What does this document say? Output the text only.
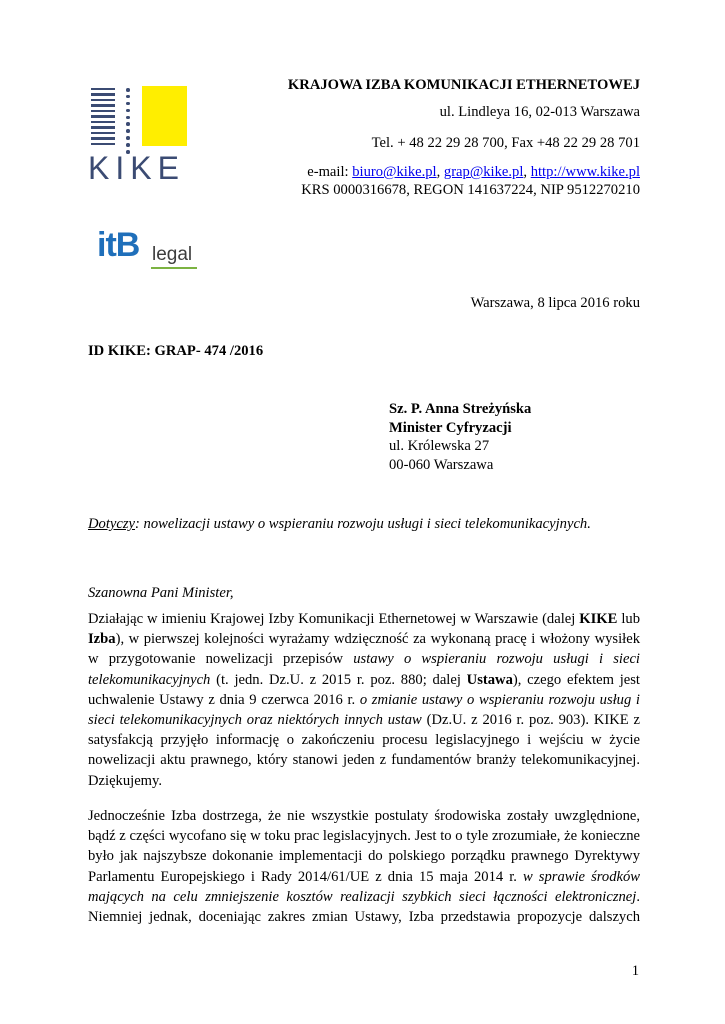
KIKE
itB legal
KRAJOWA IZBA KOMUNIKACJI ETHERNETOWEJ
ul. Lindleya 16, 02-013 Warszawa
Tel. + 48 22 29 28 700, Fax +48 22 29 28 701
e-mail: biuro@kike.pl, grap@kike.pl, http://www.kike.pl
KRS 0000316678, REGON 141637224, NIP 9512270210
Warszawa, 8 lipca 2016 roku
ID KIKE: GRAP- 474 /2016
Sz. P. Anna Streżyńska
Minister Cyfryzacji
ul. Królewska 27
00-060 Warszawa
Dotyczy: nowelizacji ustawy o wspieraniu rozwoju usługi i sieci telekomunikacyjnych.
Szanowna Pani Minister,
Działając w imieniu Krajowej Izby Komunikacji Ethernetowej w Warszawie (dalej KIKE lub
Izba), w pierwszej kolejności wyrażamy wdzięczność za wykonaną pracę i włożony wysiłek
w przygotowanie nowelizacji przepisów ustawy o wspieraniu rozwoju usługi i sieci
telekomunikacyjnych (t. jedn. Dz.U. z 2015 r. poz. 880; dalej Ustawa), czego efektem jest
uchwalenie Ustawy z dnia 9 czerwca 2016 r. o zmianie ustawy o wspieraniu rozwoju usług i
sieci telekomunikacyjnych oraz niektórych innych ustaw (Dz.U. z 2016 r. poz. 903). KIKE z
satysfakcją przyjęło informację o zakończeniu procesu legislacyjnego i wejściu w życie
nowelizacji aktu prawnego, który stanowi jeden z fundamentów branży telekomunikacyjnej.
Dziękujemy.
Jednocześnie Izba dostrzega, że nie wszystkie postulaty środowiska zostały uwzględnione,
bądź z części wycofano się w toku prac legislacyjnych. Jest to o tyle zrozumiałe, że konieczne
było jak najszybsze dokonanie implementacji do polskiego porządku prawnego Dyrektywy
Parlamentu Europejskiego i Rady 2014/61/UE z dnia 15 maja 2014 r. w sprawie środków
mających na celu zmniejszenie kosztów realizacji szybkich sieci łączności elektronicznej.
Niemniej jednak, doceniając zakres zmian Ustawy, Izba przedstawia propozycje dalszych
1
